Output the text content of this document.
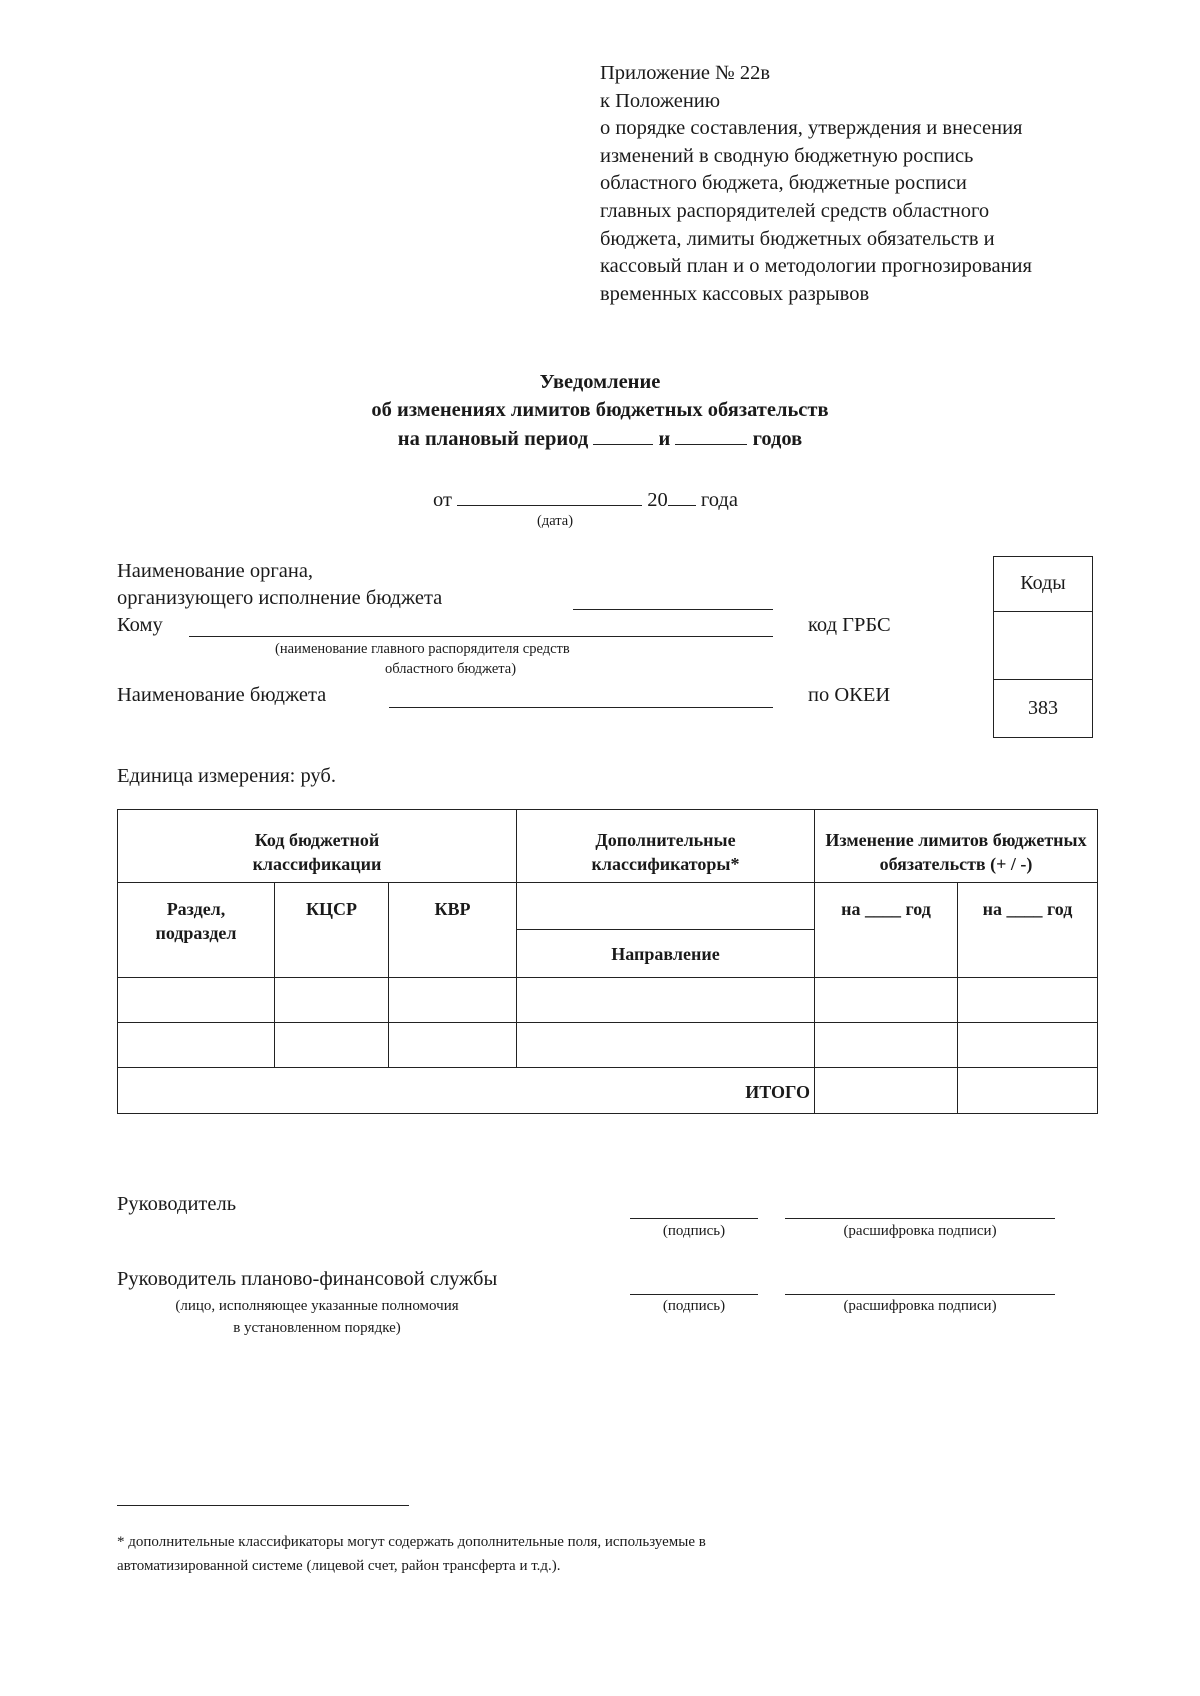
Приложение № 22в
к Положению
о порядке составления, утверждения и внесения
изменений в сводную бюджетную роспись
областного бюджета, бюджетные росписи
главных распорядителей средств областного
бюджета, лимиты бюджетных обязательств и
кассовый план и о методологии прогнозирования
временных кассовых разрывов
Уведомление
об изменениях лимитов бюджетных обязательств
на плановый период	и	годов
от	20 года
(дата)
Наименование органа,
организующего исполнение бюджета
Кому
(наименование главного распорядителя средств
областного бюджета)
Наименование бюджета
код ГРБС
по ОКЕИ
Коды
383
Единица измерения: руб.
Код бюджетной классификации			Дополнительные классификаторы*	Изменение лимитов бюджетных обязательств (+ / -)	
Раздел, подраздел	КЦСР	КВР		на ____ год	на ____ год
			Направление		

ИТОГО					
Руководитель
(подпись)	(расшифровка подписи)
Руководитель планово-финансовой службы
(лицо, исполняющее указанные полномочия
в установленном порядке)
(подпись)	(расшифровка подписи)
* дополнительные классификаторы могут содержать дополнительные поля, используемые в
автоматизированной системе (лицевой счет, район трансферта и т.д.).
